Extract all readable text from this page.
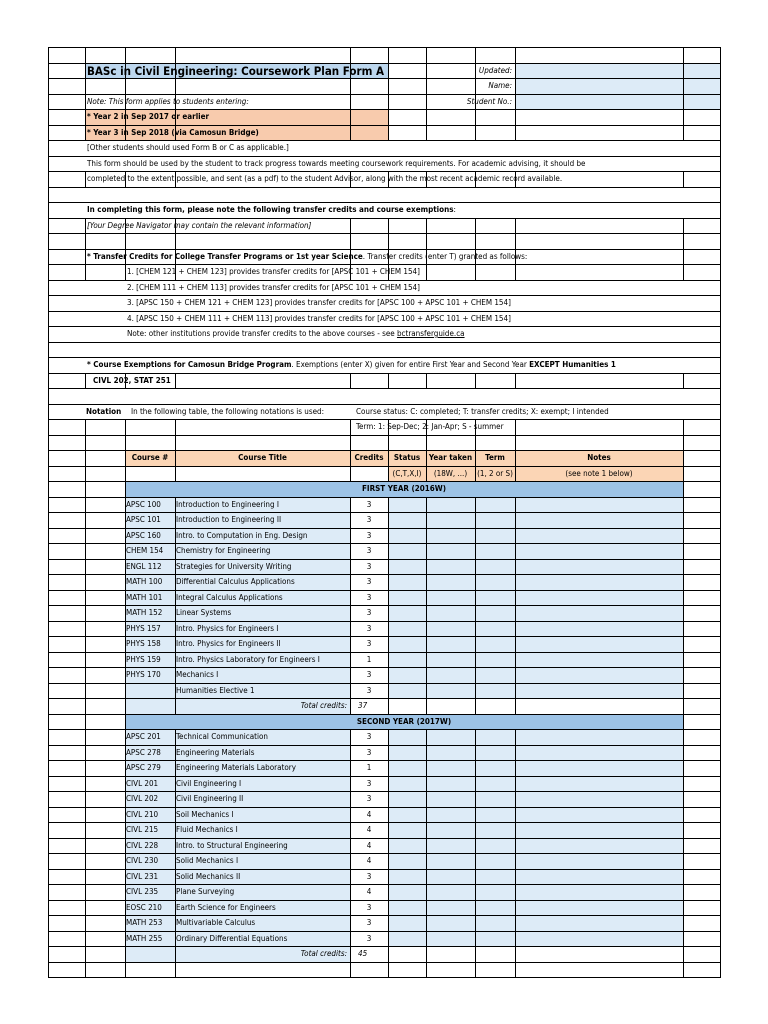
BASc in Civil Engineering: Coursework Plan Form A	Updated:
Name:
Student No.:
Note: This form applies to students entering:
* Year 2 in Sep 2017 or earlier
* Year 3 in Sep 2018 (via Camosun Bridge)
[Other students should used Form B or C as applicable.]
This form should be used by the student to track progress towards meeting coursework requirements. For academic advising, it should be
completed to the extent possible, and sent (as a pdf) to the student Advisor, along with the most recent academic record available.
In completing this form, please note the following transfer credits and course exemptions:
[Your Degree Navigator may contain the relevant information]
* Transfer Credits for College Transfer Programs or 1st year Science. Transfer credits (enter T) granted as follows:
1. [CHEM 121 + CHEM 123] provides transfer credits for [APSC 101 + CHEM 154]
2. [CHEM 111 + CHEM 113] provides transfer credits for [APSC 101 + CHEM 154]
3. [APSC 150 + CHEM 121 + CHEM 123] provides transfer credits for [APSC 100 + APSC 101 + CHEM 154]
4. [APSC 150 + CHEM 111 + CHEM 113] provides transfer credits for [APSC 100 + APSC 101 + CHEM 154]
Note: other institutions provide transfer credits to the above courses - see bctransferguide.ca
* Course Exemptions for Camosun Bridge Program. Exemptions (enter X) given for entire First Year and Second Year EXCEPT Humanities 1
CIVL 202, STAT 251
Notation In the following table, the following notations is used:	Course status: C: completed; T: transfer credits; X: exempt; I intended
Term: 1: Sep-Dec; 2: Jan-Apr; S - summer
Course #	Course Title	Credits	Status	Year taken	Term	Notes
(C,T,X,I)	(18W, ...)	(1, 2 or S)	(see note 1 below)
FIRST YEAR (2016W)
APSC 100 Introduction to Engineering I	3
APSC 101 Introduction to Engineering II	3
APSC 160 Intro. to Computation in Eng. Design	3
CHEM 154 Chemistry for Engineering	3
ENGL 112 Strategies for University Writing	3
MATH 100 Differential Calculus Applications	3
MATH 101 Integral Calculus Applications	3
MATH 152 Linear Systems	3
PHYS 157 Intro. Physics for Engineers I	3
PHYS 158 Intro. Physics for Engineers II	3
PHYS 159 Intro. Physics Laboratory for Engineers I	1
PHYS 170 Mechanics I	3
Humanities Elective 1	3
Total credits: 37
SECOND YEAR (2017W)
APSC 201 Technical Communication	3
APSC 278 Engineering Materials	3
APSC 279 Engineering Materials Laboratory	1
CIVL 201 Civil Engineering I	3
CIVL 202 Civil Engineering II	3
CIVL 210 Soil Mechanics I	4
CIVL 215 Fluid Mechanics I	4
CIVL 228 Intro. to Structural Engineering	4
CIVL 230 Solid Mechanics I	4
CIVL 231 Solid Mechanics II	3
CIVL 235 Plane Surveying	4
EOSC 210 Earth Science for Engineers	3
MATH 253 Multivariable Calculus	3
MATH 255 Ordinary Differential Equations	3
Total credits: 45
